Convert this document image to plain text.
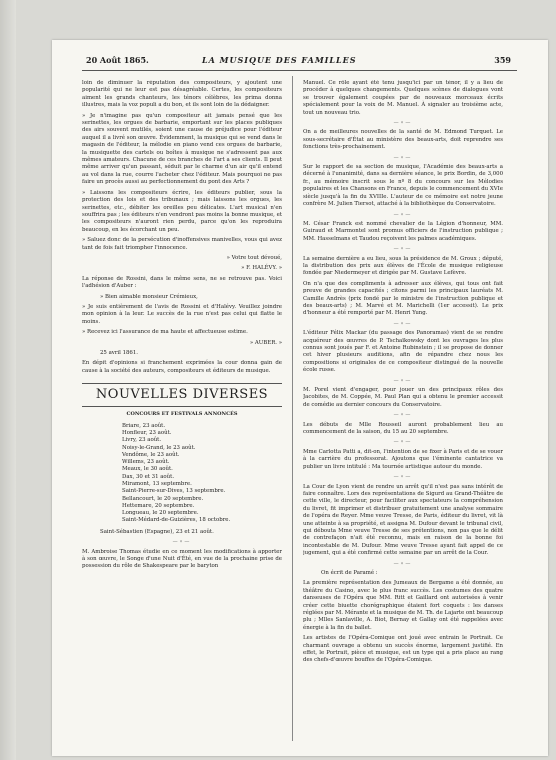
20 Août 1865.	LA MUSIQUE DES FAMILLES	359

loin de diminuer la réputation des compositeurs, y ajoutent une popularité qui ne leur est pas désagréable. Certes, les compositeurs aiment les grands chanteurs, les ténors célèbres, les prima donna illustres, mais la voz populi a du bon, et ils sont loin de la dédaigner.

» Je n'imagine pas qu'un compositeur ait jamais pensé que les serinettes, les orgues de barbarie, emportant sur les places publiques des airs souvent mutilés, soient une cause de préjudice pour l'éditeur auquel il a livré son œuvre. Évidemment, la musique qui se vend dans le magasin de l'éditeur, la mélodie en piano vend ces orgues de barbarie, la musiquette des cartels ou boîtes à musique ne s'adressent pas aux mêmes amateurs. Chacune de ces branches de l'art a ses clients. Il peut même arriver qu'un passant, séduit par le charme d'un air qu'il entend au vol dans la rue, courre l'acheter chez l'éditeur. Mais pourquoi ne pas faire un procès aussi au perfectionnement du pont des Arts ?

» Laissons les compositeurs écrire, les éditeurs publier, sous la protection des lois et des tribunaux ; mais laissons les orgues, les serinettes, etc., débiter les oreilles peu délicates. L'art musical n'en souffrira pas ; les éditeurs n'en vendront pas moins la bonne musique, et les compositeurs n'auront rien perdu, parce qu'on les reproduira beaucoup, en les écorchant un peu.

» Saluez donc de la persécution d'inoffensives manivelles, vous qui avez tant de fois fait triompher l'innocence.

» Votre tout dévoué,

» F. HALÉVY. »

La réponse de Rossini, dans le même sens, ne se retrouve pas. Voici l'adhésion d'Auber :

» Bien aimable monsieur Crémieux,

» Je suis entièrement de l'avis de Rossini et d'Halévy. Veuillez joindre mon opinion à la leur. Le succès de la rue n'est pas celui qui flatte le moins.

» Recevez ici l'assurance de ma haute et affectueuse estime.

» AUBER. »

25 avril 1861.

En dépit d'opinions si franchement exprimées la cour donna gain de cause à la société des auteurs, compositeurs et éditeurs de musique.

NOUVELLES DIVERSES
CONCOURS ET FESTIVALS ANNONCÉS
Briare, 23 août.
Honfleur, 23 août.
Livry, 23 août.
Noisy-le-Grand, le 23 août.
Vendôme, le 23 août.
Willems, 23 août.
Meaux, le 30 août.
Dax, 30 et 31 août.
Miramont, 13 septembre.
Saint-Pierre-sur-Dives, 13 septembre.
Bellancourt, le 20 septembre.
Hettemare, 20 septembre.
Longueau, le 20 septembre.
Saint-Médard-de-Guizières, 18 octobre.

Saint-Sébastien (Espagne), 23 et 21 août.

—⸰—

M. Ambroise Thomas étudie en ce moment les modifications à apporter à son œuvre, le Songe d'une Nuit d'Été, en vue de la prochaine prise de possession du rôle de Shakespeare par le baryton

Manuel. Ce rôle ayant été tenu jusqu'ici par un ténor, il y a lieu de procéder à quelques changements. Quelques scènes de dialogues vont se trouver également coupées par de nouveaux morceaux écrits spécialement pour la voix de M. Manuel. À signaler au troisième acte, tout un nouveau trio.

—⸰—

On a de meilleures nouvelles de la santé de M. Edmond Turquet. Le sous-secrétaire d'État au ministère des beaux-arts, doit reprendre ses fonctions très-prochainement.

—⸰—

Sur le rapport de sa section de musique, l'Académie des beaux-arts a décerné à l'unanimité, dans sa dernière séance, le prix Bordin, de 3,000 fr., au mémoire inscrit sous le nº 8 du concours sur les Mélodies populaires et les Chansons en France, depuis le commencement du XVIe siècle jusqu'à la fin du XVIIIe. L'auteur de ce mémoire est notre jeune confrère M. Julien Tiersot, attaché à la bibliothèque du Conservatoire.

—⸰—

M. César Franck est nommé chevalier de la Légion d'honneur, MM. Guiraud et Marmontel sont promus officiers de l'instruction publique ; MM. Hasselmans et Taudou reçoivent les palmes académiques.

—⸰—

La semaine dernière a eu lieu, sous la présidence de M. Groux ; député, la distribution des prix aux élèves de l'École de musique religieuse fondée par Niedermeyer et dirigée par M. Gustave Lefèvre.

On n'a que des compliments à adresser aux élèves, qui tous ont fait preuve de grandes capacités ; citons parmi les principaux lauréats M. Camille Andrès (prix fondé par le ministre de l'instruction publique et des beaux-arts) ; M. Marvé et M. Marichelli (1er accessit). Le prix d'honneur a été remporté par M. Henri Yung.

—⸰—

L'éditeur Félix Mackar (du passage des Panoramas) vient de se rendre acquéreur des œuvres de P. Tschaïkowsky dont les ouvrages les plus connus sont joués par F. et Antoine Rubinstein ; il se propose de donner cet hiver plusieurs auditions, afin de répandre chez nous les compositions si originales de ce compositeur distingué de la nouvelle école russe.

—⸰—

M. Porel vient d'engager, pour jouer un des principaux rôles des Jacobites, de M. Coppée, M. Paul Plan qui a obtenu le premier accessit de comédie au dernier concours du Conservatoire.

—⸰—

Les débuts de Mlle Rousseil auront probablement lieu au commencement de la saison, du 15 au 20 septembre.

—⸰—

Mme Carlotta Patti a, dit-on, l'intention de se fixer à Paris et de se vouer à la carrière du professorat. Ajoutons que l'éminente cantatrice va publier un livre intitulé : Ma tournée artistique autour du monde.

—⸰—

La Cour de Lyon vient de rendre un arrêt qu'il n'est pas sans intérêt de faire connaître. Lors des représentations de Sigurd au Grand-Théâtre de cette ville, le directeur, pour faciliter aux spectateurs la compréhension du livret, fit imprimer et distribuer gratuitement une analyse sommaire de l'opéra de Reyer. Mme veuve Tresse, de Paris, éditeur du livret, vit là une atteinte à sa propriété, et assigna M. Dufour devant le tribunal civil, qui débouta Mme veuve Tresse de ses prétentions, non pas que le délit de contrefaçon n'ait été reconnu, mais en raison de la bonne foi incontestable de M. Dufour. Mme veuve Tresse ayant fait appel de ce jugement, qui a été confirmé cette semaine par un arrêt de la Cour.

—⸰—

On écrit de Paramé :

La première représentation des Jumeaux de Bergame a été donnée, au théâtre du Casino, avec le plus franc succès. Les costumes des quatre danseuses de l'Opéra que MM. Ritt et Gaillard ont autorisées à venir créer cette biuette chorégraphique étaient fort coquets : les danses réglées par M. Mérante et la musique de M. Th. de Lajarte ont beaucoup plu ; Mlles Sanlaville, A. Biot, Bernay et Gallay ont été rappelées avec énergie à la fin du ballet.

Les artistes de l'Opéra-Comique ont joué avec entrain le Portrait. Ce charmant ouvrage a obtenu un succès énorme, largement justifié. En effet, le Portrait, pièce et musique, est un type qui a pris place au rang des chefs-d'œuvre bouffes de l'Opéra-Comique.
